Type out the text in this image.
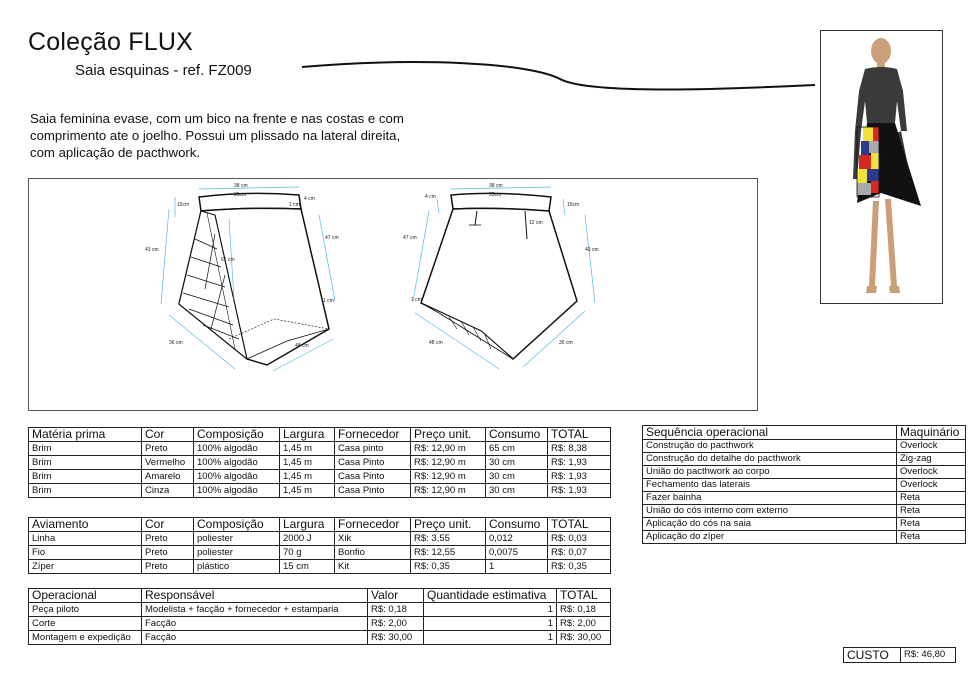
Coleção FLUX
Saia esquinas - ref. FZ009
Saia feminina evase, com um bico na frente e nas costas e com comprimento ate o joelho. Possui um plissado na lateral direita, com aplicação de pacthwork.
38 cm
35cm
15cm
4 cm
1 cm
43 cm
47 cm
61 cm
36 cm	48 cm
1 cm
38 cm
35cm
4 cm
15cm
47 cm
43 cm
12 cm
48 cm	36 cm
1 cm
Matéria prima	Cor	Composição	Largura	Fornecedor	Preço unit.	Consumo	TOTAL
Brim	Preto	100% algodão	1,45 m	Casa pinto	R$: 12,90 m	65 cm	R$: 8,38
Brim	Vermelho	100% algodão	1,45 m	Casa Pinto	R$: 12,90 m	30 cm	R$: 1,93
Brim	Amarelo	100% algodão	1,45 m	Casa Pinto	R$: 12,90 m	30 cm	R$: 1,93
Brim	Cinza	100% algodão	1,45 m	Casa Pinto	R$: 12,90 m	30 cm	R$: 1,93
Aviamento	Cor	Composição	Largura	Fornecedor	Preço unit.	Consumo	TOTAL
Linha	Preto	poliester	2000 J	Xik	R$: 3,55	0,012	R$: 0,03
Fio	Preto	poliester	70 g	Bonfio	R$: 12,55	0,0075	R$: 0,07
Zíper	Preto	plástico	15 cm	Kit	R$: 0,35	1	R$: 0,35
Operacional	Responsável	Valor	Quantidade estimativa	TOTAL
Peça piloto	Modelista + facção + fornecedor + estamparia	R$: 0,18	1	R$: 0,18
Corte	Facção	R$: 2,00	1	R$: 2,00
Montagem e expedição	Facção	R$: 30,00	1	R$: 30,00
Sequência operacional	Maquinário
Construção do pacthwork	Overlock
Construção do detalhe do pacthwork	Zig-zag
União do pacthwork ao corpo	Overlock
Fechamento das laterais	Overlock
Fazer bainha	Reta
União do cós interno com externo	Reta
Aplicação do cós na saia	Reta
Aplicação do zíper	Reta
CUSTO	R$: 46,80
